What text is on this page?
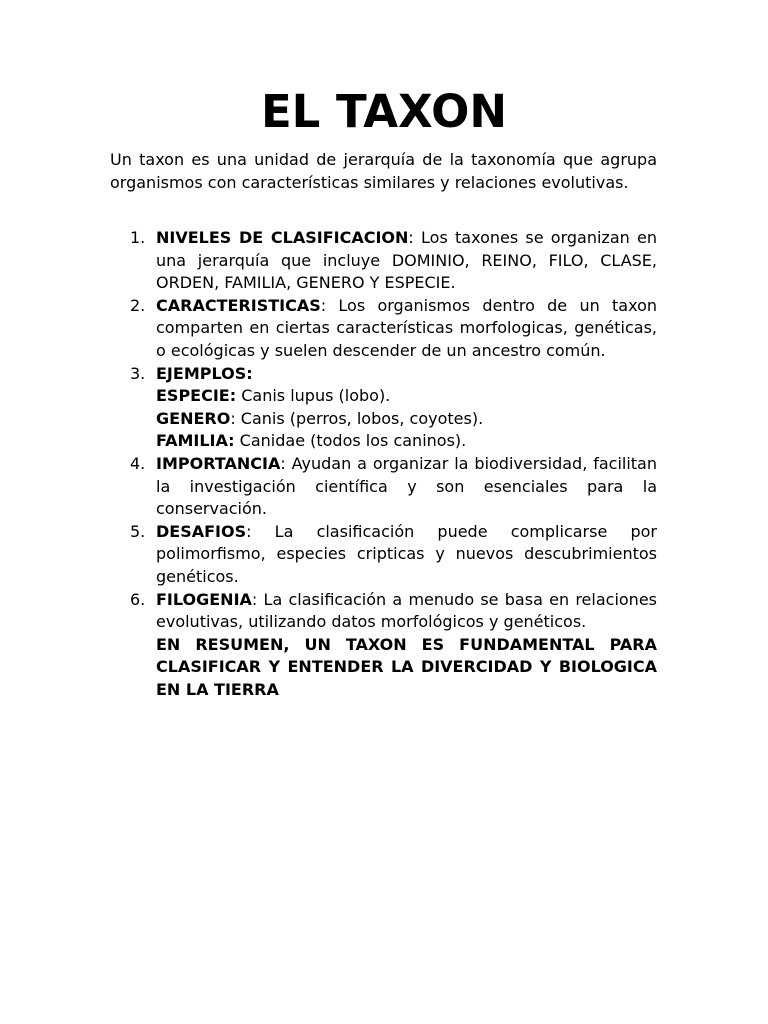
EL TAXON

Un taxon es una unidad de jerarquía de la taxonomía que agrupa organismos con características similares y relaciones evolutivas.

1. NIVELES DE CLASIFICACION: Los taxones se organizan en una jerarquía que incluye DOMINIO, REINO, FILO, CLASE, ORDEN, FAMILIA, GENERO Y ESPECIE.
2. CARACTERISTICAS: Los organismos dentro de un taxon comparten en ciertas características morfologicas, genéticas, o ecológicas y suelen descender de un ancestro común.
3. EJEMPLOS:
ESPECIE: Canis lupus (lobo).
GENERO: Canis (perros, lobos, coyotes).
FAMILIA: Canidae (todos los caninos).
4. IMPORTANCIA: Ayudan a organizar la biodiversidad, facilitan la investigación científica y son esenciales para la conservación.
5. DESAFIOS: La clasificación puede complicarse por polimorfismo, especies cripticas y nuevos descubrimientos genéticos.
6. FILOGENIA: La clasificación a menudo se basa en relaciones evolutivas, utilizando datos morfológicos y genéticos.
EN RESUMEN, UN TAXON ES FUNDAMENTAL PARA CLASIFICAR Y ENTENDER LA DIVERCIDAD Y BIOLOGICA EN LA TIERRA
